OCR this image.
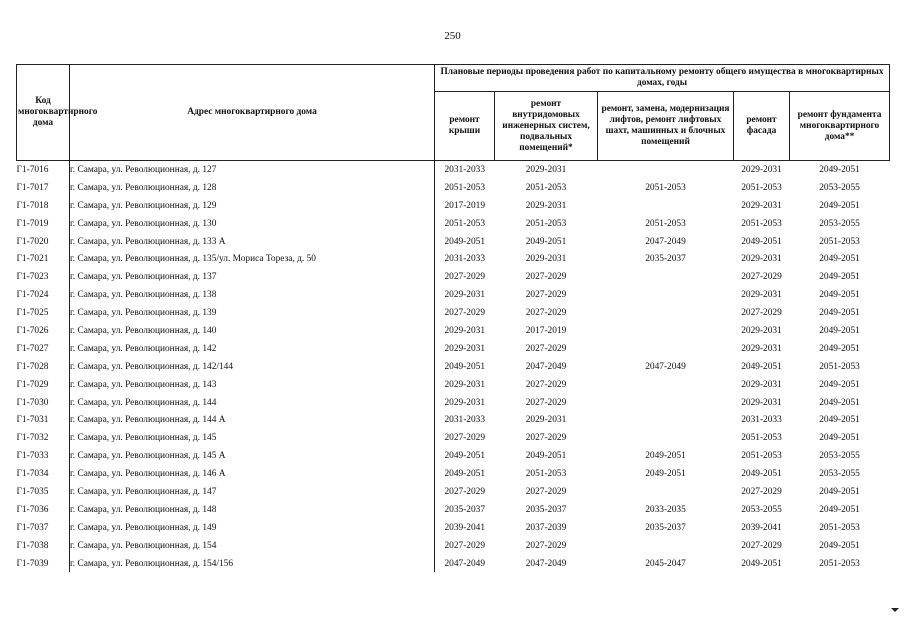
250
Код многоквартирного дома	Адрес многоквартирного дома	Плановые периоды проведения работ по капитальному ремонту общего имущества в многоквартирных домах, годы				
		ремонт крыши	ремонт внутридомовых инженерных систем, подвальных помещений*	ремонт, замена, модернизация лифтов, ремонт лифтовых шахт, машинных и блочных помещений	ремонт фасада	ремонт фундамента многоквартирного дома**
Г1-7016	г. Самара, ул. Революционная, д. 127	2031-2033	2029-2031		2029-2031	2049-2051
Г1-7017	г. Самара, ул. Революционная, д. 128	2051-2053	2051-2053	2051-2053	2051-2053	2053-2055
Г1-7018	г. Самара, ул. Революционная, д. 129	2017-2019	2029-2031		2029-2031	2049-2051
Г1-7019	г. Самара, ул. Революционная, д. 130	2051-2053	2051-2053	2051-2053	2051-2053	2053-2055
Г1-7020	г. Самара, ул. Революционная, д. 133 А	2049-2051	2049-2051	2047-2049	2049-2051	2051-2053
Г1-7021	г. Самара, ул. Революционная, д. 135/ул. Мориса Тореза, д. 50	2031-2033	2029-2031	2035-2037	2029-2031	2049-2051
Г1-7023	г. Самара, ул. Революционная, д. 137	2027-2029	2027-2029		2027-2029	2049-2051
Г1-7024	г. Самара, ул. Революционная, д. 138	2029-2031	2027-2029		2029-2031	2049-2051
Г1-7025	г. Самара, ул. Революционная, д. 139	2027-2029	2027-2029		2027-2029	2049-2051
Г1-7026	г. Самара, ул. Революционная, д. 140	2029-2031	2017-2019		2029-2031	2049-2051
Г1-7027	г. Самара, ул. Революционная, д. 142	2029-2031	2027-2029		2029-2031	2049-2051
Г1-7028	г. Самара, ул. Революционная, д. 142/144	2049-2051	2047-2049	2047-2049	2049-2051	2051-2053
Г1-7029	г. Самара, ул. Революционная, д. 143	2029-2031	2027-2029		2029-2031	2049-2051
Г1-7030	г. Самара, ул. Революционная, д. 144	2029-2031	2027-2029		2029-2031	2049-2051
Г1-7031	г. Самара, ул. Революционная, д. 144 А	2031-2033	2029-2031		2031-2033	2049-2051
Г1-7032	г. Самара, ул. Революционная, д. 145	2027-2029	2027-2029		2051-2053	2049-2051
Г1-7033	г. Самара, ул. Революционная, д. 145 А	2049-2051	2049-2051	2049-2051	2051-2053	2053-2055
Г1-7034	г. Самара, ул. Революционная, д. 146 А	2049-2051	2051-2053	2049-2051	2049-2051	2053-2055
Г1-7035	г. Самара, ул. Революционная, д. 147	2027-2029	2027-2029		2027-2029	2049-2051
Г1-7036	г. Самара, ул. Революционная, д. 148	2035-2037	2035-2037	2033-2035	2053-2055	2049-2051
Г1-7037	г. Самара, ул. Революционная, д. 149	2039-2041	2037-2039	2035-2037	2039-2041	2051-2053
Г1-7038	г. Самара, ул. Революционная, д. 154	2027-2029	2027-2029		2027-2029	2049-2051
Г1-7039	г. Самара, ул. Революционная, д. 154/156	2047-2049	2047-2049	2045-2047	2049-2051	2051-2053
